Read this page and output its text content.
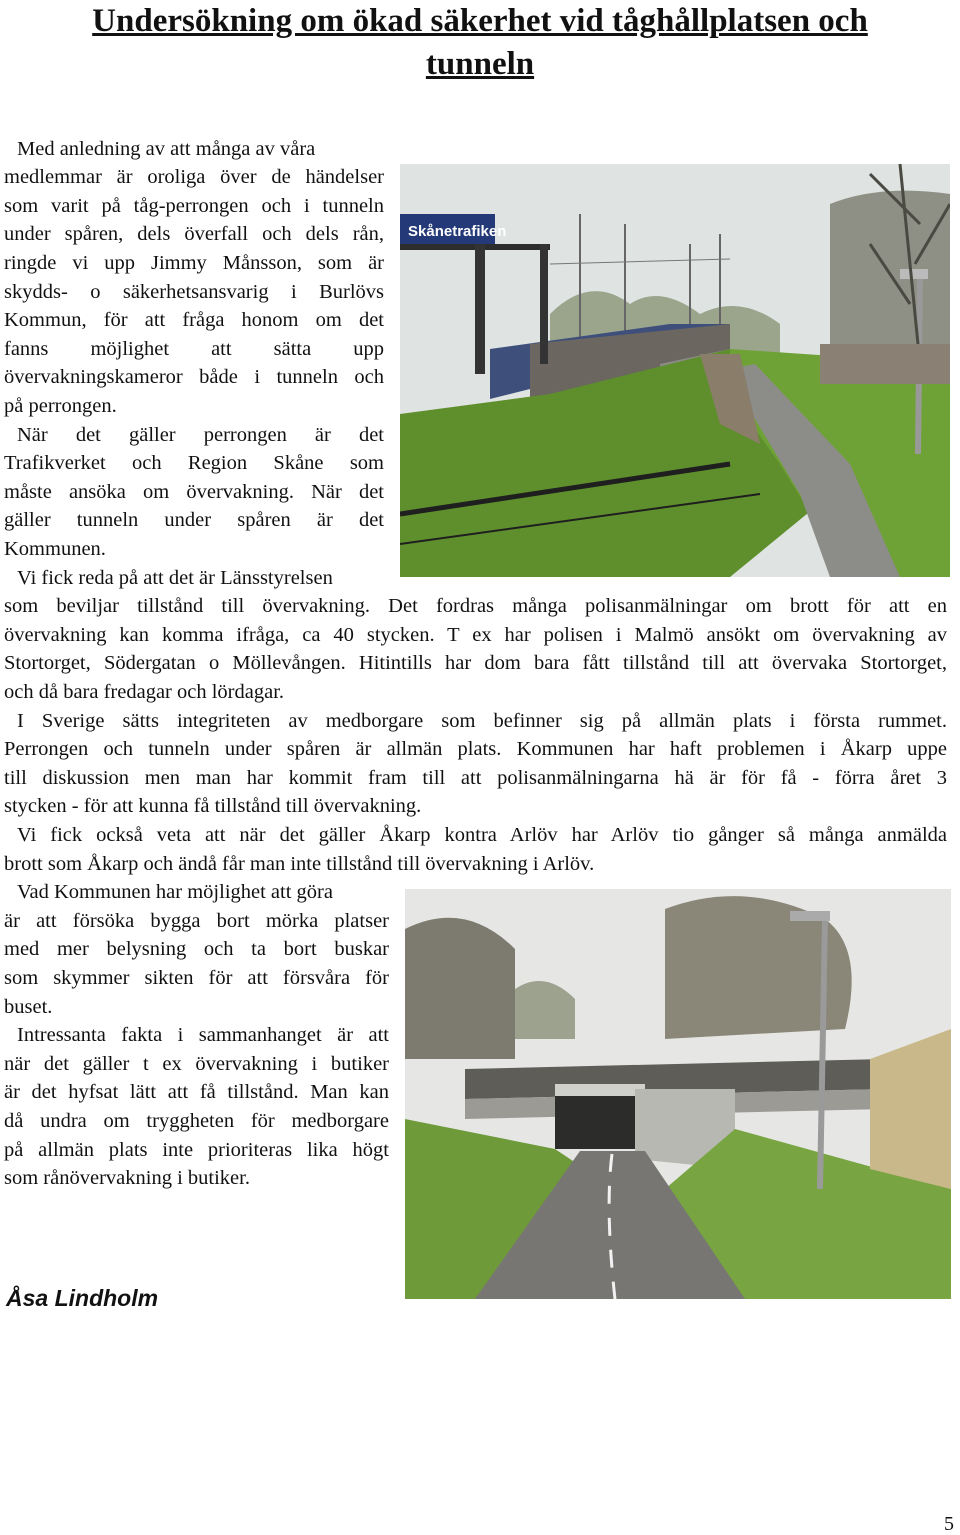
Undersökning om ökad säkerhet vid tåghållplatsen och
tunneln
Skånetrafiken
Med anledning av att många av våra
medlemmar är oroliga över de händelser
som varit på tåg-perrongen och i tunneln
under spåren, dels överfall och dels rån,
ringde vi upp Jimmy Månsson, som är
skydds- o säkerhetsansvarig i Burlövs
Kommun, för att fråga honom om det
fanns möjlighet att sätta upp
övervakningskameror både i tunneln och
på perrongen.
När det gäller perrongen är det
Trafikverket och Region Skåne som
måste ansöka om övervakning. När det
gäller tunneln under spåren är det
Kommunen.
Vi fick reda på att det är Länsstyrelsen
som beviljar tillstånd till övervakning. Det fordras många polisanmälningar om brott för att en
övervakning kan komma ifråga, ca 40 stycken. T ex har polisen i Malmö ansökt om övervakning av
Stortorget, Södergatan o Möllevången. Hitintills har dom bara fått tillstånd till att övervaka Stortorget,
och då bara fredagar och lördagar.
I Sverige sätts integriteten av medborgare som befinner sig på allmän plats i första rummet.
Perrongen och tunneln under spåren är allmän plats. Kommunen har haft problemen i Åkarp uppe
till diskussion men man har kommit fram till att polisanmälningarna hä är för få - förra året 3
stycken - för att kunna få tillstånd till övervakning.
Vi fick också veta att när det gäller Åkarp kontra Arlöv har Arlöv tio gånger så många anmälda
brott som Åkarp och ändå får man inte tillstånd till övervakning i Arlöv.
Vad Kommunen har möjlighet att göra
är att försöka bygga bort mörka platser
med mer belysning och ta bort buskar
som skymmer sikten för att försvåra för
buset.
Intressanta fakta i sammanhanget är att
när det gäller t ex övervakning i butiker
är det hyfsat lätt att få tillstånd. Man kan
då undra om tryggheten för medborgare
på allmän plats inte prioriteras lika högt
som rånövervakning i butiker.
Åsa Lindholm
5
